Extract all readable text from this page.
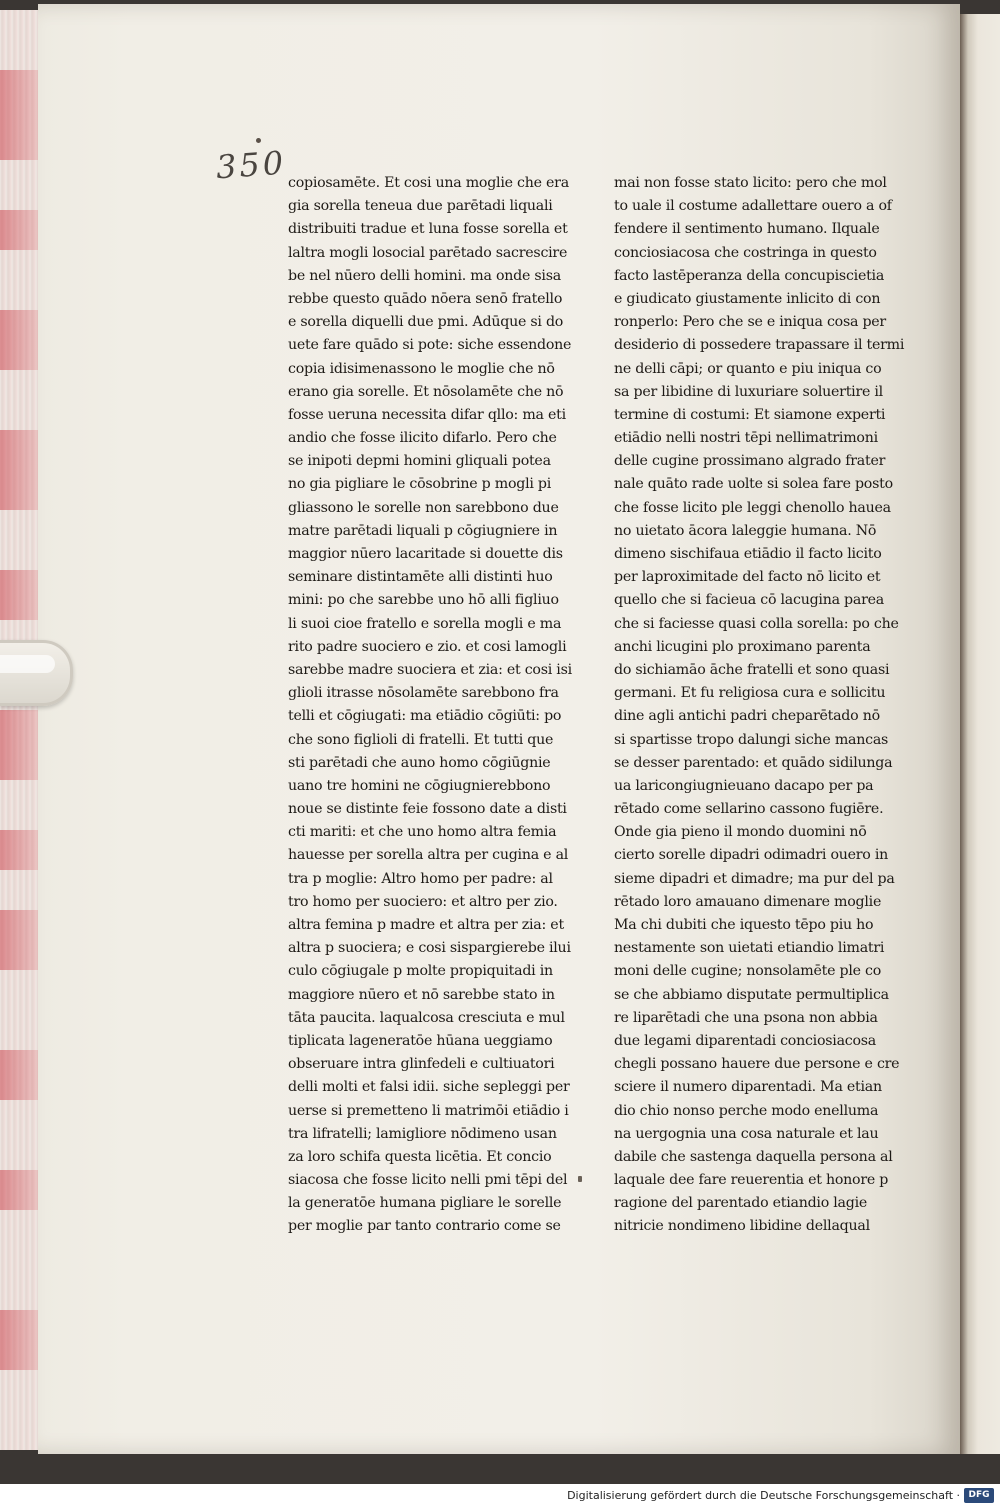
350 copiosamēte. Et cosi una moglie che era
gia sorella teneua due parētadi liquali
distribuiti tradue et luna fosse sorella et
laltra mogli losocial parētado sacrescire
be nel nūero delli homini. ma onde sisa
rebbe questo quādo nōera senō fratello
e sorella diquelli due pmi. Adūque si do
uete fare quādo si pote: siche essendone
copia idisimenassono le moglie che nō
erano gia sorelle. Et nōsolamēte che nō
fosse ueruna necessita difar qllo: ma eti
andio che fosse ilicito difarlo. Pero che
se inipoti depmi homini gliquali potea
no gia pigliare le cōsobrine p mogli pi
gliassono le sorelle non sarebbono due
matre parētadi liquali p cōgiugniere in
maggior nūero lacaritade si douette dis
seminare distintamēte alli distinti huo
mini: po che sarebbe uno hō alli figliuo
li suoi cioe fratello e sorella mogli e ma
rito padre suociero e zio. et cosi lamogli
sarebbe madre suociera et zia: et cosi isi
glioli itrasse nōsolamēte sarebbono fra
telli et cōgiugati: ma etiādio cōgiūti: po
che sono figlioli di fratelli. Et tutti que
sti parētadi che auno homo cōgiūgnie
uano tre homini ne cōgiugnierebbono
noue se distinte feie fossono date a disti
cti mariti: et che uno homo altra femia
hauesse per sorella altra per cugina e al
tra p moglie: Altro homo per padre: al
tro homo per suociero: et altro per zio.
altra femina p madre et altra per zia: et
altra p suociera; e cosi sispargierebe ilui
culo cōgiugale p molte propiquitadi in
maggiore nūero et nō sarebbe stato in
tāta paucita. laqualcosa cresciuta e mul
tiplicata lageneratōe hūana ueggiamo
obseruare intra glinfedeli e cultiuatori
delli molti et falsi idii. siche sepleggi per
uerse si premetteno li matrimōi etiādio i
tra lifratelli; lamigliore nōdimeno usan
za loro schifa questa licētia. Et concio
siacosa che fosse licito nelli pmi tēpi del
la generatōe humana pigliare le sorelle
per moglie par tanto contrario come se
mai non fosse stato licito: pero che mol
to uale il costume adallettare ouero a of
fendere il sentimento humano. Ilquale
conciosiacosa che costringa in questo
facto lastēperanza della concupiscietia
e giudicato giustamente inlicito di con
ronperlo: Pero che se e iniqua cosa per
desiderio di possedere trapassare il termi
ne delli cāpi; or quanto e piu iniqua co
sa per libidine di luxuriare soluertire il
termine di costumi: Et siamone experti
etiādio nelli nostri tēpi nellimatrimoni
delle cugine prossimano algrado frater
nale quāto rade uolte si solea fare posto
che fosse licito ple leggi chenollo hauea
no uietato ācora laleggie humana. Nō
dimeno sischifaua etiādio il facto licito
per laproximitade del facto nō licito et
quello che si facieua cō lacugina parea
che si faciesse quasi colla sorella: po che
anchi licugini plo proximano parenta
do sichiamāo āche fratelli et sono quasi
germani. Et fu religiosa cura e sollicitu
dine agli antichi padri cheparētado nō
si spartisse tropo dalungi siche mancas
se desser parentado: et quādo sidilunga
ua laricongiugnieuano dacapo per pa
rētado come sellarino cassono fugiēre.
Onde gia pieno il mondo duomini nō
cierto sorelle dipadri odimadri ouero in
sieme dipadri et dimadre; ma pur del pa
rētado loro amauano dimenare moglie
Ma chi dubiti che iquesto tēpo piu ho
nestamente son uietati etiandio limatri
moni delle cugine; nonsolamēte ple co
se che abbiamo disputate permultiplica
re liparētadi che una psona non abbia
due legami diparentadi conciosiacosa
chegli possano hauere due persone e cre
sciere il numero diparentadi. Ma etian
dio chio nonso perche modo enelluma
na uergognia una cosa naturale et lau
dabile che sastenga daquella persona al
laquale dee fare reuerentia et honore p
ragione del parentado etiandio lagie
nitricie nondimeno libidine dellaqual
Digitalisierung gefördert durch die Deutsche Forschungsgemeinschaft · DFG
